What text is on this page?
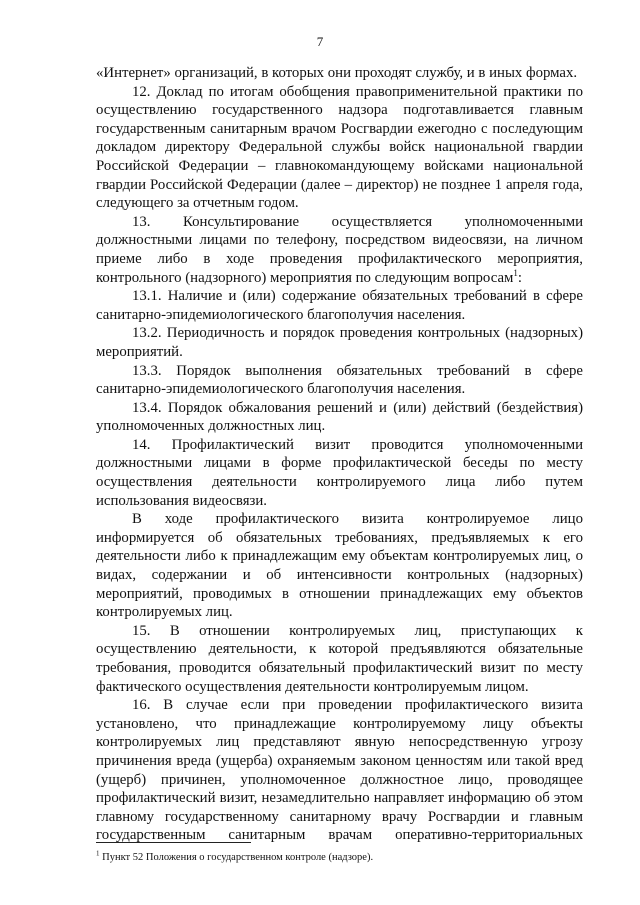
7

«Интернет» организаций, в которых они проходят службу, и в иных формах.

12. Доклад по итогам обобщения правоприменительной практики по осуществлению государственного надзора подготавливается главным государственным санитарным врачом Росгвардии ежегодно с последующим докладом директору Федеральной службы войск национальной гвардии Российской Федерации – главнокомандующему войсками национальной гвардии Российской Федерации (далее – директор) не позднее 1 апреля года, следующего за отчетным годом.

13. Консультирование осуществляется уполномоченными должностными лицами по телефону, посредством видеосвязи, на личном приеме либо в ходе проведения профилактического мероприятия, контрольного (надзорного) мероприятия по следующим вопросам$^1$:

13.1. Наличие и (или) содержание обязательных требований в сфере санитарно-эпидемиологического благополучия населения.

13.2. Периодичность и порядок проведения контрольных (надзорных) мероприятий.

13.3. Порядок выполнения обязательных требований в сфере санитарно-эпидемиологического благополучия населения.

13.4. Порядок обжалования решений и (или) действий (бездействия) уполномоченных должностных лиц.

14. Профилактический визит проводится уполномоченными должностными лицами в форме профилактической беседы по месту осуществления деятельности контролируемого лица либо путем использования видеосвязи.

В ходе профилактического визита контролируемое лицо информируется об обязательных требованиях, предъявляемых к его деятельности либо к принадлежащим ему объектам контролируемых лиц, о видах, содержании и об интенсивности контрольных (надзорных) мероприятий, проводимых в отношении принадлежащих ему объектов контролируемых лиц.

15. В отношении контролируемых лиц, приступающих к осуществлению деятельности, к которой предъявляются обязательные требования, проводится обязательный профилактический визит по месту фактического осуществления деятельности контролируемым лицом.

16. В случае если при проведении профилактического визита установлено, что принадлежащие контролируемому лицу объекты контролируемых лиц представляют явную непосредственную угрозу причинения вреда (ущерба) охраняемым законом ценностям или такой вред (ущерб) причинен, уполномоченное должностное лицо, проводящее профилактический визит, незамедлительно направляет информацию об этом главному государственному санитарному врачу Росгвардии и главным государственным санитарным врачам оперативно-территориальных

$^1$ Пункт 52 Положения о государственном контроле (надзоре).
